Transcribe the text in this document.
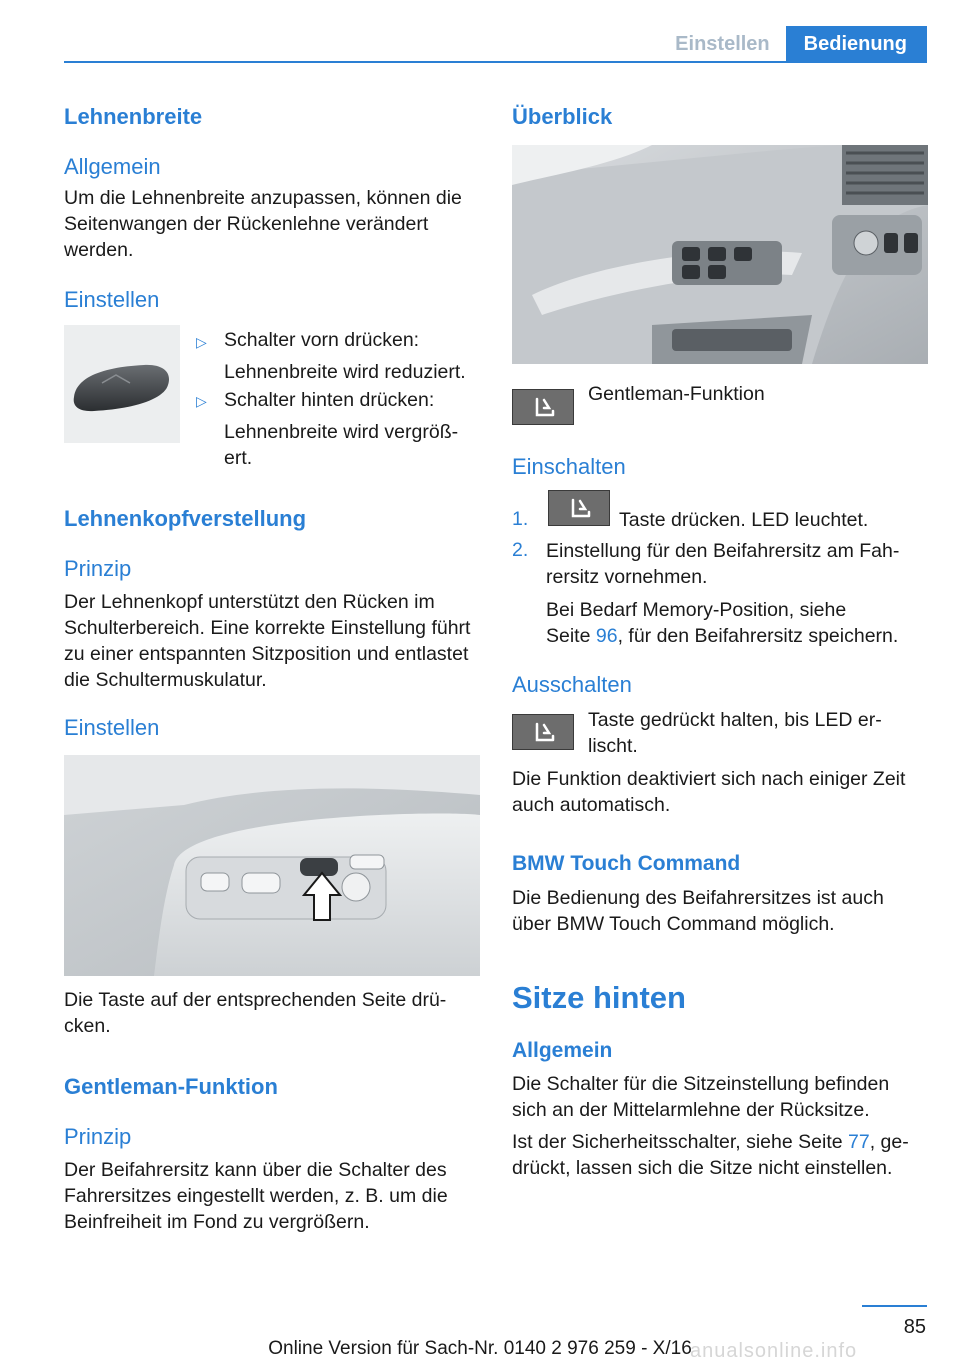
Einstellen	Bedienung
Lehnenbreite
Allgemein

Um die Lehnenbreite anzupassen, können die Seitenwangen der Rückenlehne verändert werden.

Einstellen
▷ Schalter vorn drücken:
Lehnenbreite wird reduziert.
▷ Schalter hinten drücken:
Lehnenbreite wird vergröß-ert.
Lehnenkopfverstellung
Prinzip

Der Lehnenkopf unterstützt den Rücken im Schulterbereich. Eine korrekte Einstellung führt zu einer entspannten Sitzposition und entlastet die Schultermuskulatur.

Einstellen

Die Taste auf der entsprechenden Seite drü-cken.

Gentleman-Funktion
Prinzip

Der Beifahrersitz kann über die Schalter des Fahrersitzes eingestellt werden, z. B. um die Beinfreiheit im Fond zu vergrößern.

Überblick
Gentleman-Funktion
Einschalten
1.	Taste drücken. LED leuchtet.
2. Einstellung für den Beifahrersitz am Fah-rersitz vornehmen.

Bei Bedarf Memory-Position, siehe

Seite 96, für den Beifahrersitz speichern.

Ausschalten

Taste gedrückt halten, bis LED er-lischt.

Die Funktion deaktiviert sich nach einiger Zeit auch automatisch.

BMW Touch Command

Die Bedienung des Beifahrersitzes ist auch über BMW Touch Command möglich.

Sitze hinten
Allgemein

Die Schalter für die Sitzeinstellung befinden sich an der Mittelarmlehne der Rücksitze.

Ist der Sicherheitsschalter, siehe Seite 77, ge-drückt, lassen sich die Sitze nicht einstellen.

85
Online Version für Sach-Nr. 0140 2 976 259 - X/16
anualsonline.info
